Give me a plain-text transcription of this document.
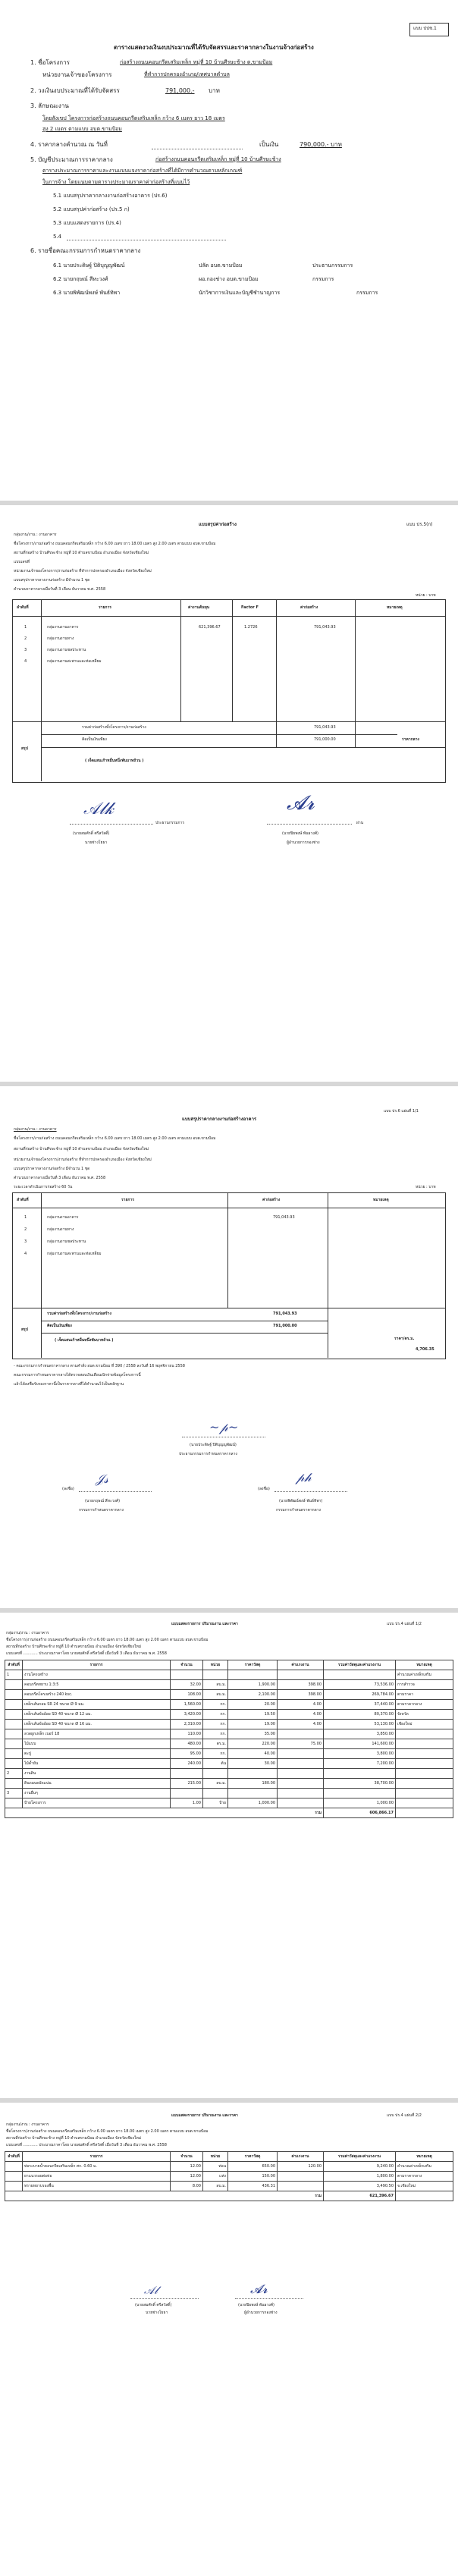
แบบ ปปช.1
ตารางแสดงวงเงินงบประมาณที่ได้รับจัดสรรและราคากลางในงานจ้างก่อสร้าง
1. ชื่อโครงการ	ก่อสร้างถนนคอนกรีตเสริมเหล็ก หมู่ที่ 10 บ้านศีรษะช้าง ต.ขามป้อม
หน่วยงานเจ้าของโครงการ	ที่ทำการปกครองอำเภอ/เทศบาลตำบล
2. วงเงินงบประมาณที่ได้รับจัดสรร	791,000.- บาท
3. ลักษณะงาน
โดยสังเขป โครงการก่อสร้างถนนคอนกรีตเสริมเหล็ก กว้าง 6 เมตร ยาว 18 เมตร
สูง 2 เมตร ตามแบบ อบต.ขามป้อม
4. ราคากลางคำนวณ ณ วันที่	เป็นเงิน	790,000.- บาท
5. บัญชีประมาณการราคากลาง	ก่อสร้างถนนคอนกรีตเสริมเหล็ก หมู่ที่ 10 บ้านศีรษะช้าง
ตารางประมาณการราคาและงานแบบแจงราคาก่อสร้างที่ได้มีการคำนวณตามหลักเกณฑ์
ในการจ้าง โดยแนบตามตารางประมาณราคาค่าก่อสร้างที่แนบไว้
5.1 แบบสรุปราคากลางงานก่อสร้างอาคาร (ปร.6)
5.2 แบบสรุปค่าก่อสร้าง (ปร.5 ก)
5.3 แบบแสดงรายการ (ปร.4)
5.4
6. รายชื่อคณะกรรมการกำหนดราคากลาง
6.1 นายประดิษฐ์ ปิติบุญญพัฒน์	ปลัด อบต.ขามป้อม	ประธานกรรมการ
6.2 นายกฤษณ์ สีหะวงศ์	ผอ.กองช่าง อบต.ขามป้อม	กรรมการ
6.3 นายพิพัฒน์พงษ์ พันธ์ทิพา	นักวิชาการเงินและบัญชีชำนาญการ	กรรมการ
แบบ ปร.5(ก)
แบบสรุปค่าก่อสร้าง
กลุ่มงาน/งาน : งานอาคาร
ชื่อโครงการ/งานก่อสร้าง ถนนคอนกรีตเสริมเหล็ก กว้าง 6.00 เมตร ยาว 18.00 เมตร สูง 2.00 เมตร ตามแบบ อบต.ขามป้อม
สถานที่ก่อสร้าง บ้านศีรษะช้าง หมู่ที่ 10 ตำบลขามป้อม อำเภอเมือง จังหวัดเชียงใหม่
แบบเลขที่
หน่วยงานเจ้าของโครงการ/งานก่อสร้าง ที่ทำการปกครองอำเภอเมือง จังหวัดเชียงใหม่
แบบสรุปราคากลางงานก่อสร้าง มีจำนวน 1 ชุด
คำนวณราคากลางเมื่อวันที่ 3 เดือน ธันวาคม พ.ศ. 2558
หน่วย : บาท
ลำดับที่	รายการ	ค่างานต้นทุน	Factor F	ค่าก่อสร้าง	หมายเหตุ
1	กลุ่มงานงานอาคาร	621,396.67	1.2726	791,043.93
2	กลุ่มงานงานทาง
3	กลุ่มงานงานชลประทาน
4	กลุ่มงานงานสะพานและท่อเหลี่ยม
สรุป
รวมค่าก่อสร้างทั้งโครงการ/งานก่อสร้าง	791,043.93
คิดเป็นเงินเพียง	791,000.00	ราคากลาง
( เจ็ดแสนเก้าหมื่นหนึ่งพันบาทถ้วน )
𝒜𝓁𝓀
ประธานกรรมการ
(นายสมศักดิ์ ศรีสวัสดิ์)
นายช่างโยธา
𝓐𝓻
ผ่าน
(นายปิยพงษ์ พันธวงศ์)
ผู้อำนวยการกองช่าง
แบบ ปร.6 แผ่นที่ 1/1
แบบสรุปราคากลางงานก่อสร้างอาคาร
กลุ่มงาน/งาน : งานอาคาร
ชื่อโครงการ/งานก่อสร้าง ถนนคอนกรีตเสริมเหล็ก กว้าง 6.00 เมตร ยาว 18.00 เมตร สูง 2.00 เมตร ตามแบบ อบต.ขามป้อม
สถานที่ก่อสร้าง บ้านศีรษะช้าง หมู่ที่ 10 ตำบลขามป้อม อำเภอเมือง จังหวัดเชียงใหม่
หน่วยงานเจ้าของโครงการ/งานก่อสร้าง ที่ทำการปกครองอำเภอเมือง จังหวัดเชียงใหม่
แบบสรุปราคากลางงานก่อสร้าง มีจำนวน 1 ชุด
คำนวณราคากลางเมื่อวันที่ 3 เดือน ธันวาคม พ.ศ. 2558
ระยะเวลาดำเนินการก่อสร้าง 60 วัน	หน่วย : บาท
ลำดับที่	รายการ	ค่าก่อสร้าง	หมายเหตุ
1	กลุ่มงานงานอาคาร	791,043.93
2	กลุ่มงานงานทาง
3	กลุ่มงานงานชลประทาน
4	กลุ่มงานงานสะพานและท่อเหลี่ยม
สรุป
รวมค่าก่อสร้างทั้งโครงการ/งานก่อสร้าง	791,043.93
คิดเป็นเงินเพียง	791,000.00
( เจ็ดแสนเก้าหมื่นหนึ่งพันบาทถ้วน )	ราคา/ตร.ม.
4,706.35
- คณะกรรมการกำหนดราคากลาง ตามคำสั่ง อบต.ขามป้อม ที่ 390 / 2558 ลงวันที่ 16 พฤศจิกายน 2558
คณะกรรมการกำหนดราคากลางได้ตรวจสอบเงินเดือนเบิกจ่ายข้อมูลโครงการนี้
แล้วได้ลงชื่อรับรองราคานี้เป็นราคากลางที่ได้คำนวณไว้เป็นหลักฐาน
~𝓅~
(นายประดิษฐ์ ปิติบุญญพัฒน์)
ประธานกรรมการกำหนดราคากลาง
(ลงชื่อ)
𝒥𝓈
(นายกฤษณ์ สีหะวงศ์)
กรรมการกำหนดราคากลาง
(ลงชื่อ)
𝓅𝒽
(นายพิพัฒน์พงษ์ พันธ์ทิพา)
กรรมการกำหนดราคากลาง
แบบแสดงรายการ ปริมาณงาน และราคา	แบบ ปร.4 แผ่นที่ 1/2
กลุ่มงาน/งาน : งานอาคาร
ชื่อโครงการ/งานก่อสร้าง ถนนคอนกรีตเสริมเหล็ก กว้าง 6.00 เมตร ยาว 18.00 เมตร สูง 2.00 เมตร ตามแบบ อบต.ขามป้อม
สถานที่ก่อสร้าง บ้านศีรษะช้าง หมู่ที่ 10 ตำบลขามป้อม อำเภอเมือง จังหวัดเชียงใหม่
แบบเลขที่ ............ ประมาณราคาโดย นายสมศักดิ์ ศรีสวัสดิ์ เมื่อวันที่ 3 เดือน ธันวาคม พ.ศ. 2558
ลำดับที่	รายการ	จำนวน	หน่วย	ราคาวัสดุ	ค่าแรงงาน	รวมค่าวัสดุและค่าแรงงาน	หมายเหตุ
1	งานโครงสร้าง						คำนวณค่าเหล็กเสริม
	คอนกรีตหยาบ 1:3:5	32.00	ลบ.ม.	1,900.00	398.00	73,536.00	การสำรวจ
	คอนกรีตโครงสร้าง 240 ksc.	108.00	ลบ.ม.	2,100.00	398.00	269,784.00	ตามราคา
	เหล็กเส้นกลม SR 24 ขนาด Ø 9 มม.	1,560.00	กก.	20.00	4.00	37,440.00	ตามราคากลาง
	เหล็กเส้นข้ออ้อย SD 40 ขนาด Ø 12 มม.	3,420.00	กก.	19.50	4.00	80,370.00	จังหวัด
	เหล็กเส้นข้ออ้อย SD 40 ขนาด Ø 16 มม.	2,310.00	กก.	19.00	4.00	53,130.00	เชียงใหม่
	ลวดผูกเหล็ก เบอร์ 18	110.00	กก.	35.00		3,850.00	
	ไม้แบบ	480.00	ตร.ม.	220.00	75.00	141,600.00	
	ตะปู	95.00	กก.	40.00		3,800.00	
	ไม้ค้ำยัน	240.00	ต้น	30.00		7,200.00	
2	งานดิน						
	ดินถมบดอัดแน่น	215.00	ลบ.ม.	180.00		38,700.00	
3	งานอื่นๆ						
	ป้ายโครงการ	1.00	ป้าย	1,000.00		1,000.00	
รวม						606,866.17	
แบบแสดงรายการ ปริมาณงาน และราคา	แบบ ปร.4 แผ่นที่ 2/2
กลุ่มงาน/งาน : งานอาคาร
ชื่อโครงการ/งานก่อสร้าง ถนนคอนกรีตเสริมเหล็ก กว้าง 6.00 เมตร ยาว 18.00 เมตร สูง 2.00 เมตร ตามแบบ อบต.ขามป้อม
สถานที่ก่อสร้าง บ้านศีรษะช้าง หมู่ที่ 10 ตำบลขามป้อม อำเภอเมือง จังหวัดเชียงใหม่
แบบเลขที่ ............ ประมาณราคาโดย นายสมศักดิ์ ศรีสวัสดิ์ เมื่อวันที่ 3 เดือน ธันวาคม พ.ศ. 2558
ลำดับที่	รายการ	จำนวน	หน่วย	ราคาวัสดุ	ค่าแรงงาน	รวมค่าวัสดุและค่าแรงงาน	หมายเหตุ
	ท่อระบายน้ำคอนกรีตเสริมเหล็ก ศก. 0.60 ม.	12.00	ท่อน	650.00	120.00	9,240.00	คำนวณค่าเหล็กเสริม
	ยาแนวรอยต่อท่อ	12.00	แห่ง	150.00		1,800.00	ตามราคากลาง
	ทรายหยาบรองพื้น	8.00	ลบ.ม.	436.31		3,490.50	จ.เชียงใหม่
รวม						621,396.67	
𝒜𝓁
(นายสมศักดิ์ ศรีสวัสดิ์)
นายช่างโยธา
𝓐𝓻
(นายปิยพงษ์ พันธวงศ์)
ผู้อำนวยการกองช่าง
